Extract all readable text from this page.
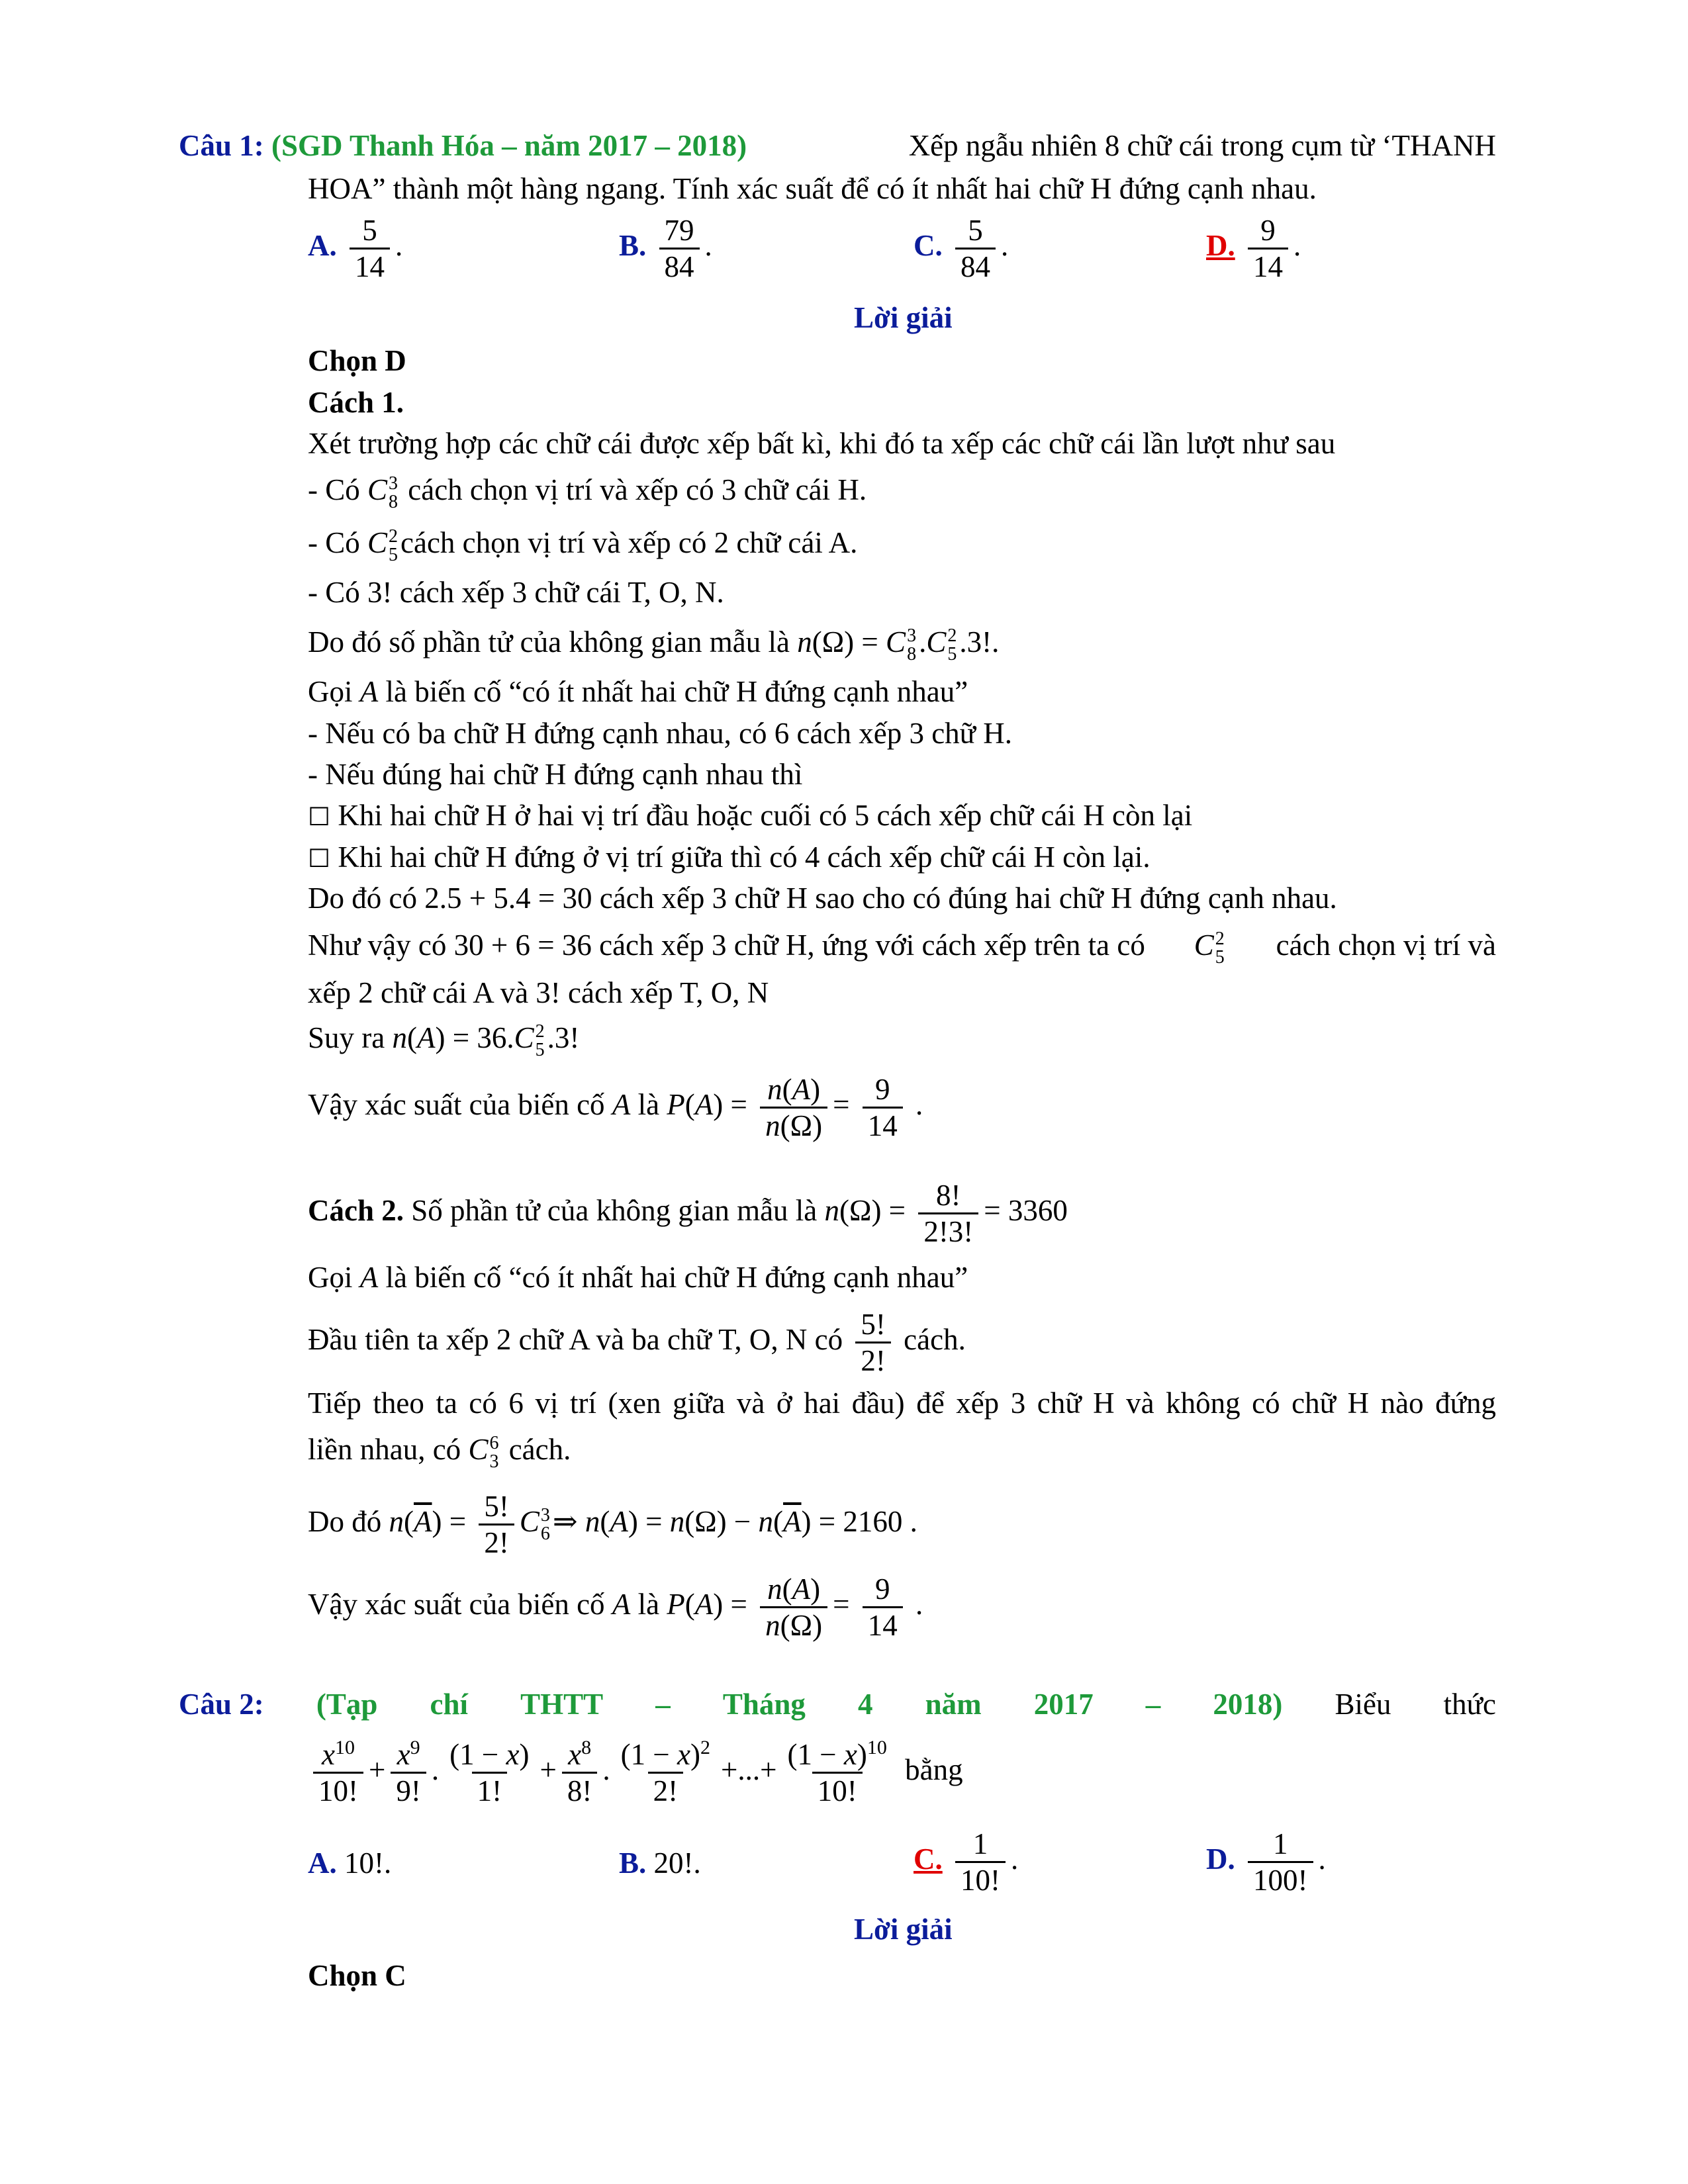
Câu 1: (SGD Thanh Hóa – năm 2017 – 2018)	Xếp ngẫu nhiên 8 chữ cái trong cụm từ ‘THANH
HOA” thành một hàng ngang. Tính xác suất để có ít nhất hai chữ H đứng cạnh nhau.
A. $\frac{5}{14}$ .	B. $\frac{79}{84}$ .	C. $\frac{5}{84}$ .	D. $\frac{9}{14}$ .
Lời giải
Chọn D
Cách 1.
Xét trường hợp các chữ cái được xếp bất kì, khi đó ta xếp các chữ cái lần lượt như sau
- Có C 3
8 cách chọn vị trí và xếp có 3 chữ cái H.
- Có C 2
5 cách chọn vị trí và xếp có 2 chữ cái A.
- Có 3! cách xếp 3 chữ cái T, O, N.
Do đó số phần tử của không gian mẫu là n(Ω) = C 3
8 .C 2
5 .3!.
Gọi A là biến cố “có ít nhất hai chữ H đứng cạnh nhau”
- Nếu có ba chữ H đứng cạnh nhau, có 6 cách xếp 3 chữ H.
- Nếu đúng hai chữ H đứng cạnh nhau thì
☐ Khi hai chữ H ở hai vị trí đầu hoặc cuối có 5 cách xếp chữ cái H còn lại
☐ Khi hai chữ H đứng ở vị trí giữa thì có 4 cách xếp chữ cái H còn lại.
Do đó có 2.5 + 5.4 = 30 cách xếp 3 chữ H sao cho có đúng hai chữ H đứng cạnh nhau.
Như vậy có 30 + 6 = 36 cách xếp 3 chữ H, ứng với cách xếp trên ta có C 2
5 cách chọn vị trí và
xếp 2 chữ cái A và 3! cách xếp T, O, N
Suy ra n(A) = 36.C 2
5 .3!
Vậy xác suất của biến cố A là $P(A) = \frac{n(A)}{n(\Omega)} = \frac{9}{14}$ .
Cách 2. Số phần tử của không gian mẫu là $n(\Omega) = \frac{8!}{2!3!} = 3360$
Gọi A là biến cố “có ít nhất hai chữ H đứng cạnh nhau”
Đầu tiên ta xếp 2 chữ A và ba chữ T, O, N có $\frac{5!}{2!}$ cách.
Tiếp theo ta có 6 vị trí (xen giữa và ở hai đầu) để xếp 3 chữ H và không có chữ H nào đứng
liền nhau, có C 6
3 cách.
Do đó $n(\overline{A}) = \frac{5!}{2!}$ C 3
6 ⇒ $n(A) = n(\Omega) - n(\overline{A}) = 2160$ .
Vậy xác suất của biến cố A là $P(A) = \frac{n(A)}{n(\Omega)} = \frac{9}{14}$ .
Câu 2: (Tạp chí THTT – Tháng 4 năm 2017 – 2018) Biểu thức
$\frac{x^{10}}{10!} + \frac{x^9}{9!}$ . $\frac{(1 - x)}{1!} + \frac{x^8}{8!}$ . $\frac{(1 - x)^2}{2!}$ +...+ $\frac{(1 - x)^{10}}{10!}$ bằng
A. 10!.	B. 20!.	C. $\frac{1}{10!}$ .	D. $\frac{1}{100!}$ .
Lời giải
Chọn C
